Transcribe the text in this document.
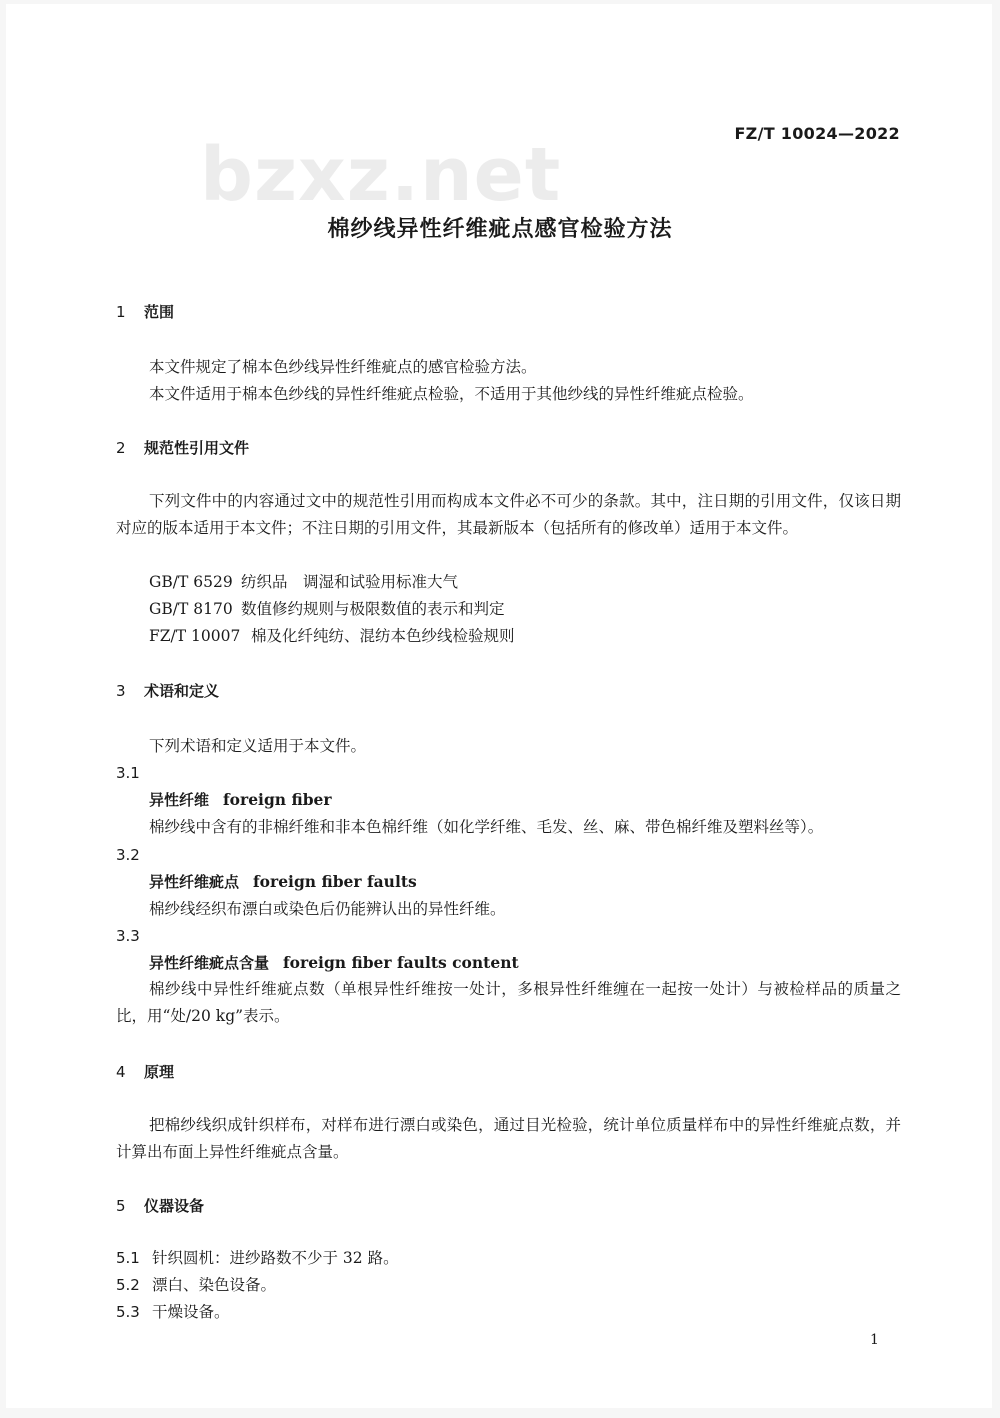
bzxz.net	FZ/T 10024—2022
棉纱线异性纤维疵点感官检验方法
1 范围
本文件规定了棉本色纱线异性纤维疵点的感官检验方法。
本文件适用于棉本色纱线的异性纤维疵点检验，不适用于其他纱线的异性纤维疵点检验。
2 规范性引用文件
下列文件中的内容通过文中的规范性引用而构成本文件必不可少的条款。其中，注日期的引用文件，仅该日期对应的版本适用于本文件；不注日期的引用文件，其最新版本（包括所有的修改单）适用于本文件。
GB/T 6529 纺织品　调湿和试验用标准大气
GB/T 8170 数值修约规则与极限数值的表示和判定
FZ/T 10007 棉及化纤纯纺、混纺本色纱线检验规则
3 术语和定义
下列术语和定义适用于本文件。
3.1
异性纤维 foreign fiber
棉纱线中含有的非棉纤维和非本色棉纤维（如化学纤维、毛发、丝、麻、带色棉纤维及塑料丝等）。
3.2
异性纤维疵点 foreign fiber faults
棉纱线经织布漂白或染色后仍能辨认出的异性纤维。
3.3
异性纤维疵点含量 foreign fiber faults content
棉纱线中异性纤维疵点数（单根异性纤维按一处计，多根异性纤维缠在一起按一处计）与被检样品的质量之比，用“处/20 kg”表示。
4 原理
把棉纱线织成针织样布，对样布进行漂白或染色，通过目光检验，统计单位质量样布中的异性纤维疵点数，并计算出布面上异性纤维疵点含量。
5 仪器设备
5.1 针织圆机：进纱路数不少于 32 路。
5.2 漂白、染色设备。
5.3 干燥设备。
1
